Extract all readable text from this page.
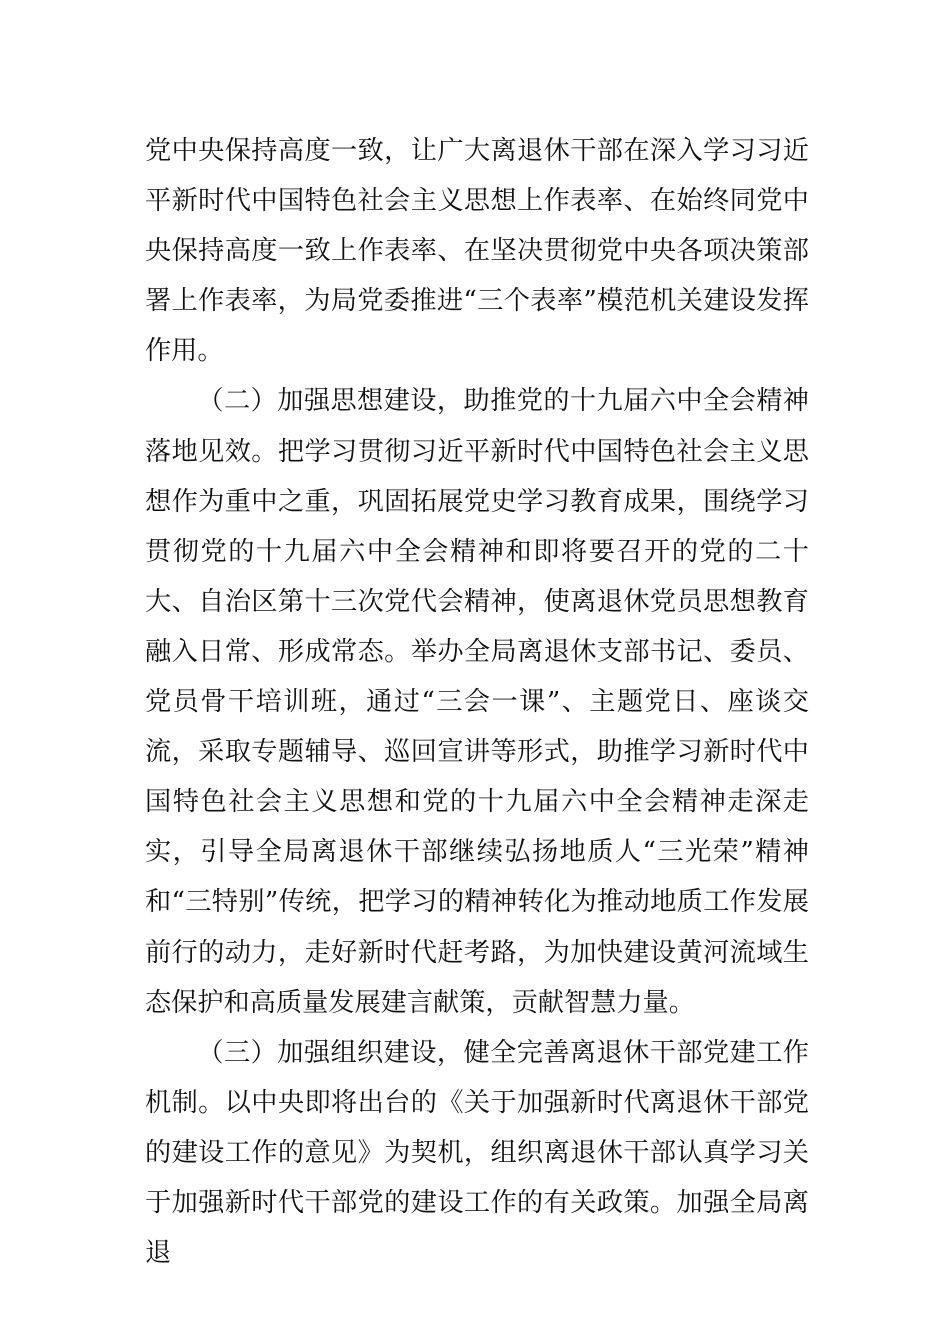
党中央保持高度一致，让广大离退休干部在深入学习习近平新时代中国特色社会主义思想上作表率、在始终同党中央保持高度一致上作表率、在坚决贯彻党中央各项决策部署上作表率，为局党委推进“三个表率”模范机关建设发挥作用。

（二）加强思想建设，助推党的十九届六中全会精神落地见效。把学习贯彻习近平新时代中国特色社会主义思想作为重中之重，巩固拓展党史学习教育成果，围绕学习贯彻党的十九届六中全会精神和即将要召开的党的二十大、自治区第十三次党代会精神，使离退休党员思想教育融入日常、形成常态。举办全局离退休支部书记、委员、党员骨干培训班，通过“三会一课”、主题党日、座谈交流，采取专题辅导、巡回宣讲等形式，助推学习新时代中国特色社会主义思想和党的十九届六中全会精神走深走实，引导全局离退休干部继续弘扬地质人“三光荣”精神和“三特别”传统，把学习的精神转化为推动地质工作发展前行的动力，走好新时代赶考路，为加快建设黄河流域生态保护和高质量发展建言献策，贡献智慧力量。

（三）加强组织建设，健全完善离退休干部党建工作机制。以中央即将出台的《关于加强新时代离退休干部党的建设工作的意见》为契机，组织离退休干部认真学习关于加强新时代干部党的建设工作的有关政策。加强全局离退
